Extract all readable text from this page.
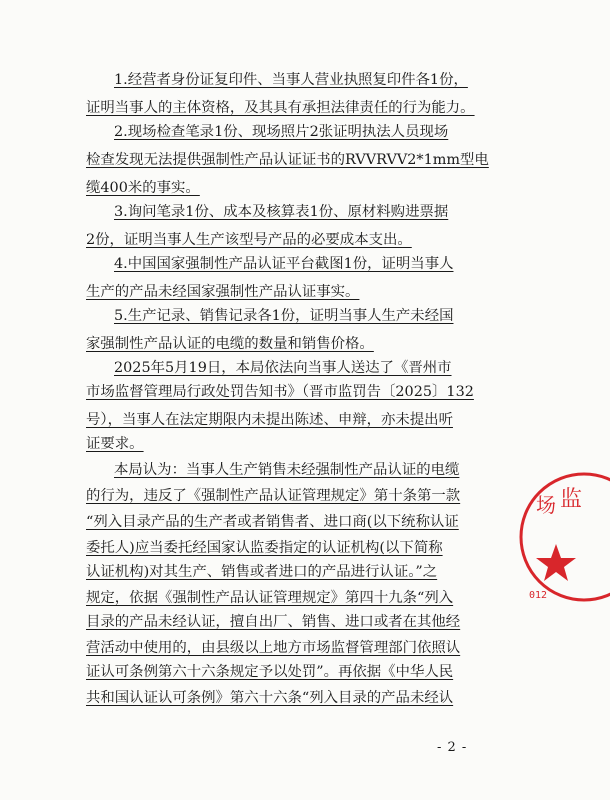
1.经营者身份证复印件、当事人营业执照复印件各1份，
证明当事人的主体资格，及其具有承担法律责任的行为能力。
2.现场检查笔录1份、现场照片2张证明执法人员现场
检查发现无法提供强制性产品认证证书的RVVRVV2*1mm型电
缆400米的事实。
3.询问笔录1份、成本及核算表1份、原材料购进票据
2份，证明当事人生产该型号产品的必要成本支出。
4.中国国家强制性产品认证平台截图1份，证明当事人
生产的产品未经国家强制性产品认证事实。
5.生产记录、销售记录各1份，证明当事人生产未经国
家强制性产品认证的电缆的数量和销售价格。
2025年5月19日，本局依法向当事人送达了《晋州市
市场监督管理局行政处罚告知书》（晋市监罚告〔2025〕132
号），当事人在法定期限内未提出陈述、申辩，亦未提出听
证要求。
本局认为：当事人生产销售未经强制性产品认证的电缆
的行为，违反了《强制性产品认证管理规定》第十条第一款
“列入目录产品的生产者或者销售者、进口商(以下统称认证
委托人)应当委托经国家认监委指定的认证机构(以下简称
认证机构)对其生产、销售或者进口的产品进行认证。”之
规定，依据《强制性产品认证管理规定》第四十九条“列入
目录的产品未经认证，擅自出厂、销售、进口或者在其他经
营活动中使用的，由县级以上地方市场监督管理部门依照认
证认可条例第六十六条规定予以处罚”。再依据《中华人民
共和国认证认可条例》第六十六条“列入目录的产品未经认
- 2 -
场 监
012
